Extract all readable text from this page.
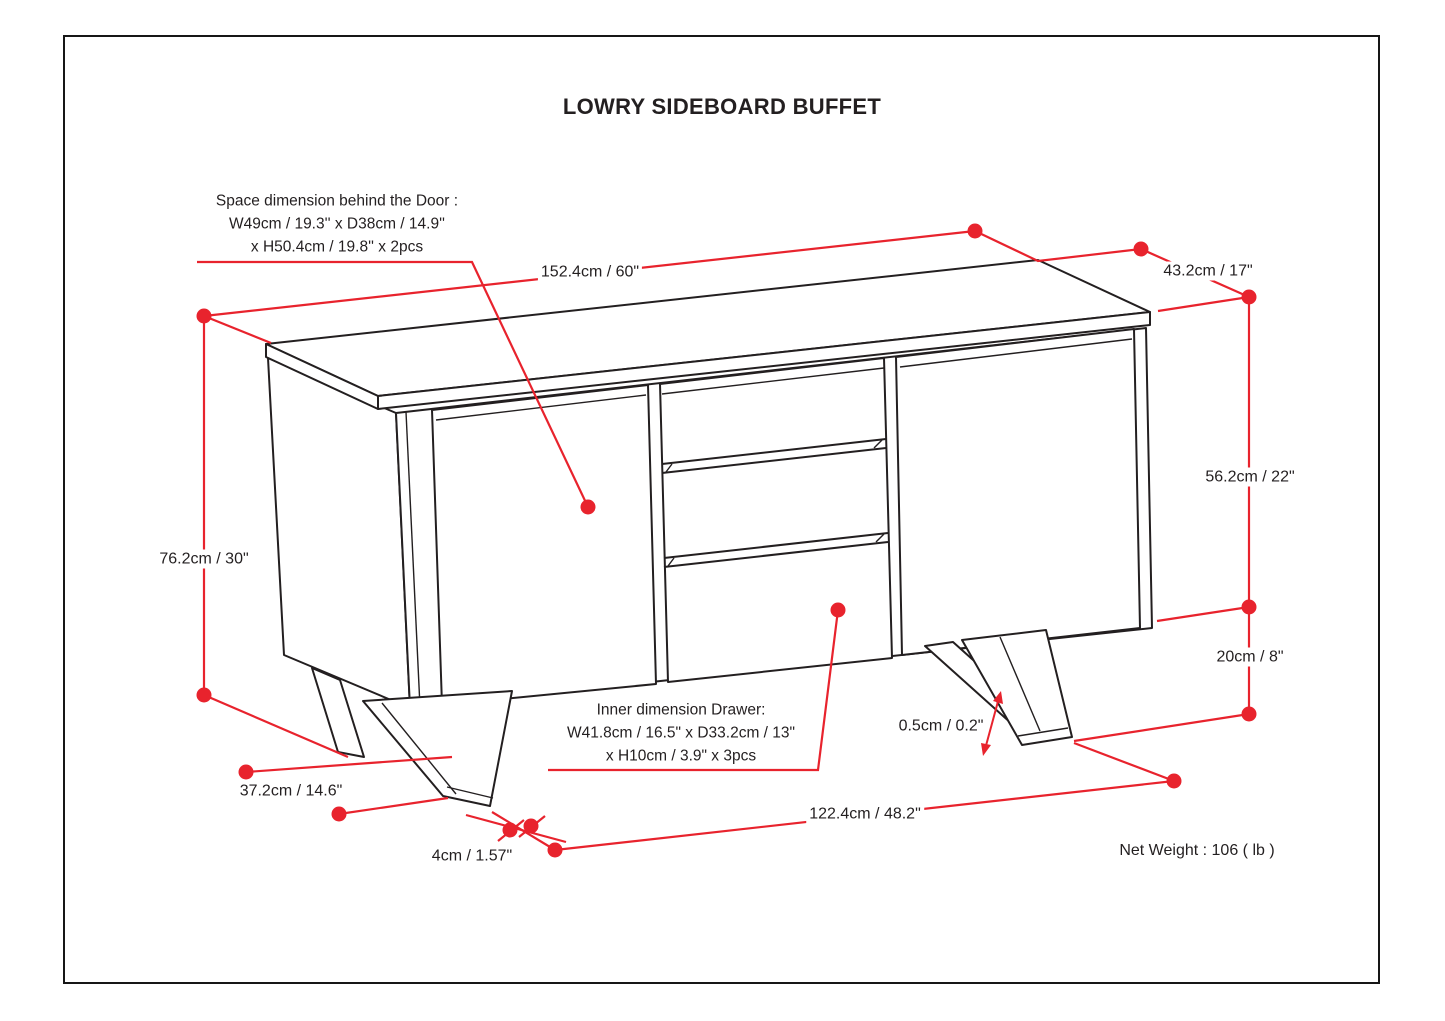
LOWRY SIDEBOARD BUFFET
Space dimension behind the Door :
W49cm / 19.3'' x D38cm / 14.9''
x H50.4cm / 19.8'' x 2pcs
Inner dimension Drawer:
W41.8cm / 16.5" x D33.2cm / 13"
x H10cm / 3.9" x 3pcs
152.4cm / 60"	43.2cm / 17"
56.2cm / 22"
76.2cm / 30"
20cm / 8"
37.2cm / 14.6"
4cm / 1.57"
122.4cm / 48.2"
0.5cm / 0.2"
Net Weight : 106 ( lb )
